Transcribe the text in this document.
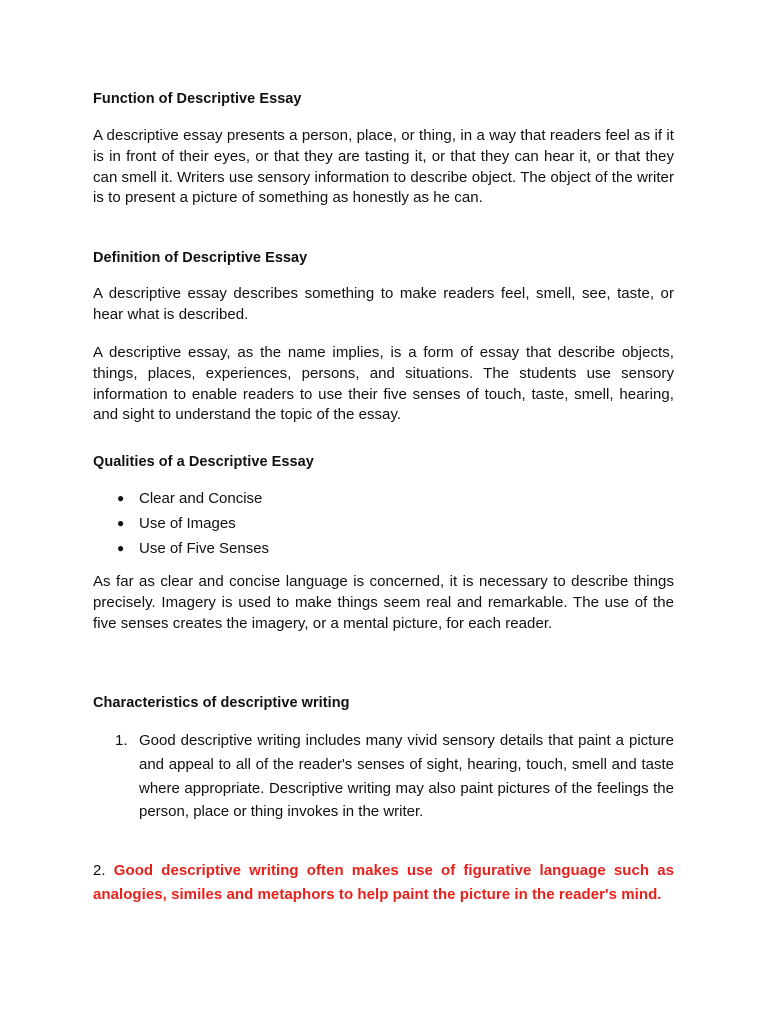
Function of Descriptive Essay

A descriptive essay presents a person, place, or thing, in a way that readers feel as if it is in front of their eyes, or that they are tasting it, or that they can hear it, or that they can smell it. Writers use sensory information to describe object. The object of the writer is to present a picture of something as honestly as he can.

Definition of Descriptive Essay

A descriptive essay describes something to make readers feel, smell, see, taste, or hear what is described.

A descriptive essay, as the name implies, is a form of essay that describe objects, things, places, experiences, persons, and situations. The students use sensory information to enable readers to use their five senses of touch, taste, smell, hearing, and sight to understand the topic of the essay.

Qualities of a Descriptive Essay
● Clear and Concise
● Use of Images
● Use of Five Senses

As far as clear and concise language is concerned, it is necessary to describe things precisely. Imagery is used to make things seem real and remarkable. The use of the five senses creates the imagery, or a mental picture, for each reader.

Characteristics of descriptive writing
1. Good descriptive writing includes many vivid sensory details that paint a picture and appeal to all of the reader's senses of sight, hearing, touch, smell and taste where appropriate. Descriptive writing may also paint pictures of the feelings the person, place or thing invokes in the writer.

2. Good descriptive writing often makes use of figurative language such as analogies, similes and metaphors to help paint the picture in the reader's mind.
